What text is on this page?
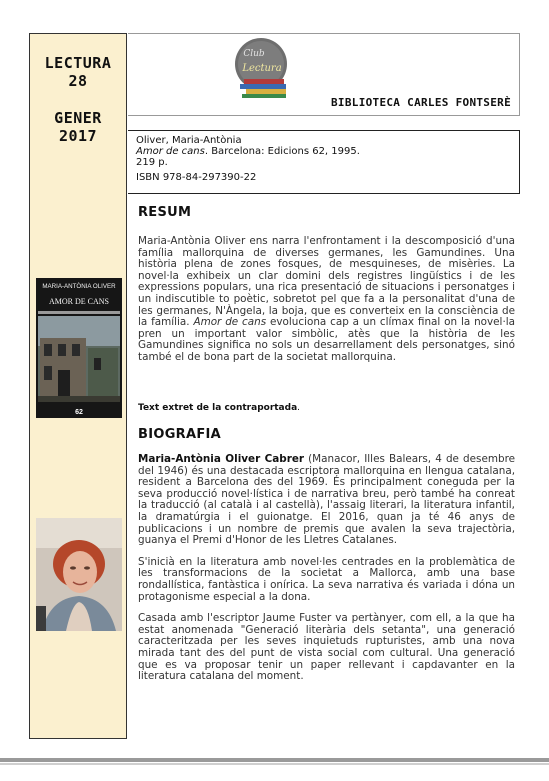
LECTURA
28
GENER
2017
MARIA-ANTÒNIA OLIVER
AMOR DE CANS
62
Club
Lectura
BIBLIOTECA CARLES FONTSERÈ
Oliver, Maria-Antònia
Amor de cans. Barcelona: Edicions 62, 1995.
219 p.
ISBN 978-84-297390-22
RESUM

Maria-Antònia Oliver ens narra l'enfrontament i la descomposició d'una família mallorquina de diverses germanes, les Gamundines. Una història plena de zones fosques, de mesquineses, de misèries. La novel·la exhibeix un clar domini dels registres lingüístics i de les expressions populars, una rica presentació de situacions i personatges i un indiscutible to poètic, sobretot pel que fa a la personalitat d'una de les germanes, N'Àngela, la boja, que es converteix en la consciència de la família. Amor de cans evoluciona cap a un clímax final on la novel·la pren un important valor simbòlic, atès que la història de les Gamundines significa no sols un desarrellament dels personatges, sinó també el de bona part de la societat mallorquina.

Text extret de la contraportada.
BIOGRAFIA

Maria-Antònia Oliver Cabrer (Manacor, Illes Balears, 4 de desembre del 1946) és una destacada escriptora mallorquina en llengua catalana, resident a Barcelona des del 1969. És principalment coneguda per la seva producció novel·lística i de narrativa breu, però també ha conreat la traducció (al català i al castellà), l'assaig literari, la literatura infantil, la dramatúrgia i el guionatge. El 2016, quan ja té 46 anys de publicacions i un nombre de premis que avalen la seva trajectòria, guanya el Premi d'Honor de les Lletres Catalanes.

S'inicià en la literatura amb novel·les centrades en la problemàtica de les transformacions de la societat a Mallorca, amb una base rondallística, fantàstica i onírica. La seva narrativa és variada i dóna un protagonisme especial a la dona.

Casada amb l'escriptor Jaume Fuster va pertànyer, com ell, a la que ha estat anomenada "Generació literària dels setanta", una generació caracteritzada per les seves inquietuds rupturistes, amb una nova mirada tant des del punt de vista social com cultural. Una generació que es va proposar tenir un paper rellevant i capdavanter en la literatura catalana del moment.
